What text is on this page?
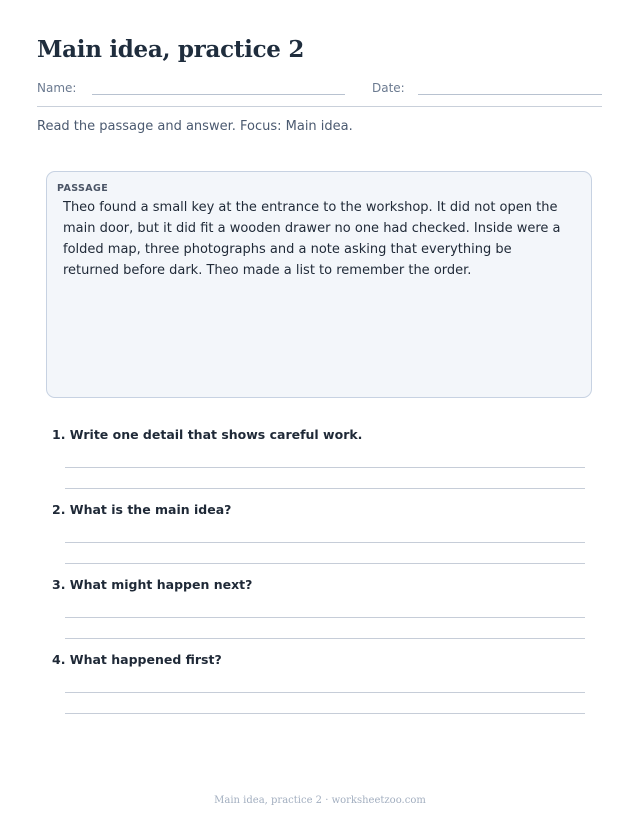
Main idea, practice 2
Name:	Date:
Read the passage and answer. Focus: Main idea.
PASSAGE

Theo found a small key at the entrance to the workshop. It did not open the main door, but it did fit a wooden drawer no one had checked. Inside were a folded map, three photographs and a note asking that everything be returned before dark. Theo made a list to remember the order.

1. Write one detail that shows careful work.
2. What is the main idea?
3. What might happen next?
4. What happened first?
Main idea, practice 2 · worksheetzoo.com
